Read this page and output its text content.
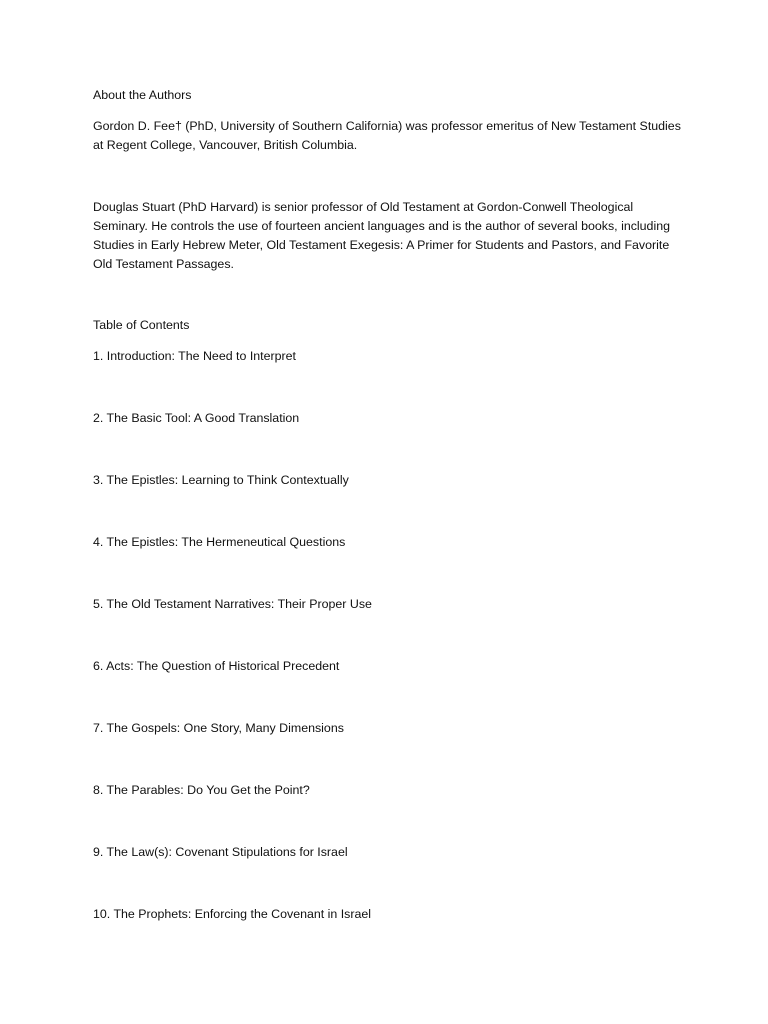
About the Authors

Gordon D. Fee† (PhD, University of Southern California) was professor emeritus of New Testament Studies at Regent College, Vancouver, British Columbia.

Douglas Stuart (PhD Harvard) is senior professor of Old Testament at Gordon-Conwell Theological Seminary. He controls the use of fourteen ancient languages and is the author of several books, including Studies in Early Hebrew Meter, Old Testament Exegesis: A Primer for Students and Pastors, and Favorite Old Testament Passages.

Table of Contents

1. Introduction: The Need to Interpret
2. The Basic Tool: A Good Translation
3. The Epistles: Learning to Think Contextually
4. The Epistles: The Hermeneutical Questions
5. The Old Testament Narratives: Their Proper Use
6. Acts: The Question of Historical Precedent
7. The Gospels: One Story, Many Dimensions
8. The Parables: Do You Get the Point?
9. The Law(s): Covenant Stipulations for Israel
10. The Prophets: Enforcing the Covenant in Israel
